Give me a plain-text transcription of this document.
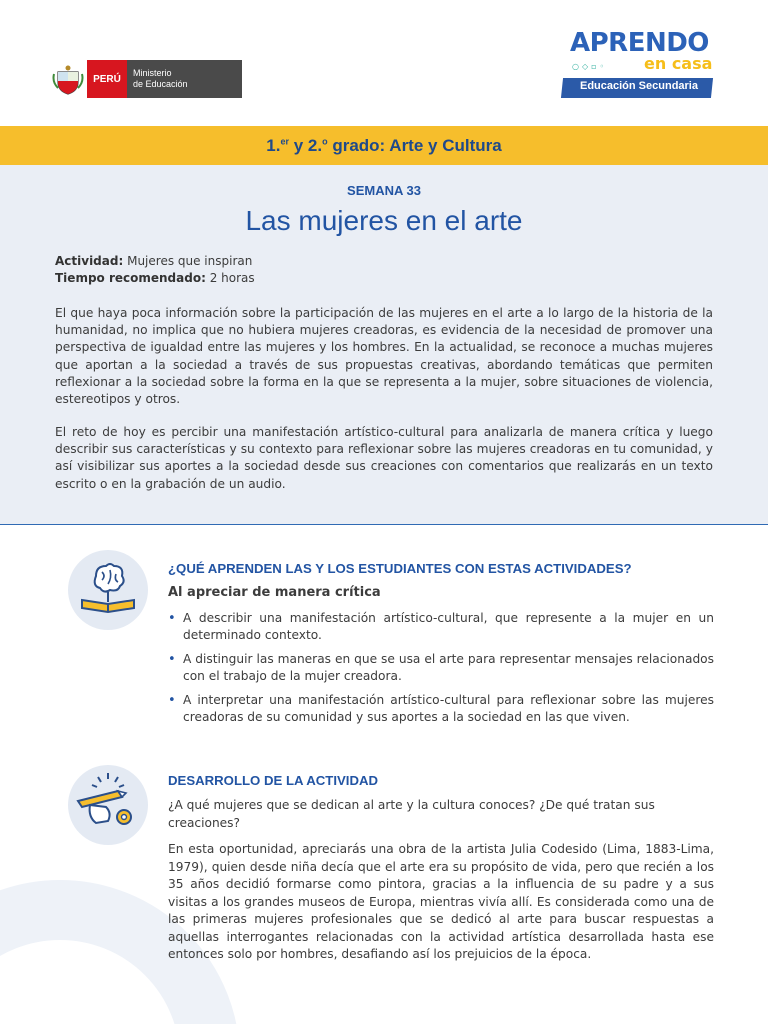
PERÚ
Ministerio
de Educación
APRENDO
○◇▫◦ en casa
Educación Secundaria
1.$^{er}$ y 2.$^o$ grado: Arte y Cultura
SEMANA 33
Las mujeres en el arte
Actividad: Mujeres que inspiran
Tiempo recomendado: 2 horas

El que haya poca información sobre la participación de las mujeres en el arte a lo largo de la historia de la humanidad, no implica que no hubiera mujeres creadoras, es evidencia de la necesidad de promover una perspectiva de igualdad entre las mujeres y los hombres. En la actualidad, se reconoce a muchas mujeres que aportan a la sociedad a través de sus propuestas creativas, abordando temáticas que permiten reflexionar a la sociedad sobre la forma en la que se representa a la mujer, sobre situaciones de violencia, estereotipos y otros.

El reto de hoy es percibir una manifestación artístico-cultural para analizarla de manera crítica y luego describir sus características y su contexto para reflexionar sobre las mujeres creadoras en tu comunidad, y así visibilizar sus aportes a la sociedad desde sus creaciones con comentarios que realizarás en un texto escrito o en la grabación de un audio.

¿QUÉ APRENDEN LAS Y LOS ESTUDIANTES CON ESTAS ACTIVIDADES?
Al apreciar de manera crítica
• A describir una manifestación artístico-cultural, que represente a la mujer en un determinado contexto.
• A distinguir las maneras en que se usa el arte para representar mensajes relacionados con el trabajo de la mujer creadora.
• A interpretar una manifestación artístico-cultural para reflexionar sobre las mujeres creadoras de su comunidad y sus aportes a la sociedad en las que viven.
DESARROLLO DE LA ACTIVIDAD

¿A qué mujeres que se dedican al arte y la cultura conoces? ¿De qué tratan sus creaciones?

En esta oportunidad, apreciarás una obra de la artista Julia Codesido (Lima, 1883-Lima, 1979), quien desde niña decía que el arte era su propósito de vida, pero que recién a los 35 años decidió formarse como pintora, gracias a la influencia de su padre y a sus visitas a los grandes museos de Europa, mientras vivía allí. Es considerada como una de las primeras mujeres profesionales que se dedicó al arte para buscar respuestas a aquellas interrogantes relacionadas con la actividad artística desarrollada hasta ese entonces solo por hombres, desafiando así los prejuicios de la época.
